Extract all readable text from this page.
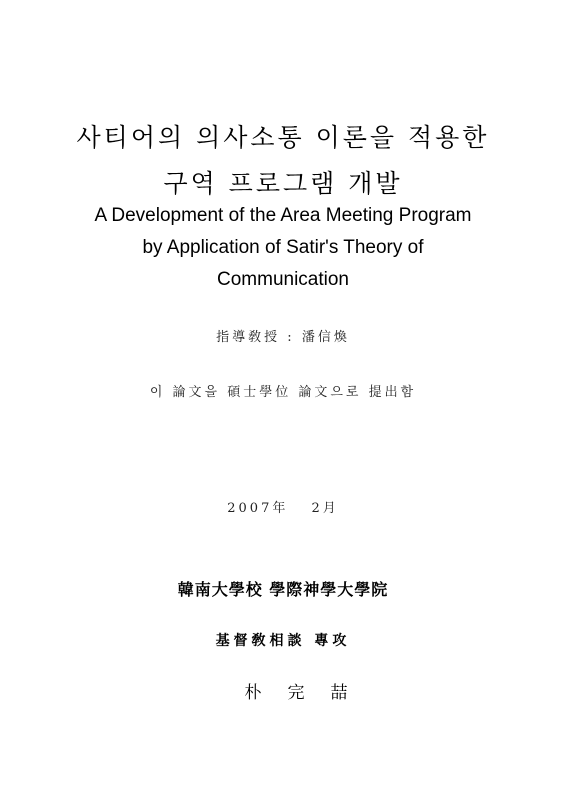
사티어의 의사소통 이론을 적용한
구역 프로그램 개발
A Development of the Area Meeting Program
by Application of Satir's Theory of
Communication
指導敎授 : 潘信煥
이 論文을 碩士學位 論文으로 提出함
2007年　 2月
韓南大學校 學際神學大學院
基督敎相談 專攻
朴完喆
